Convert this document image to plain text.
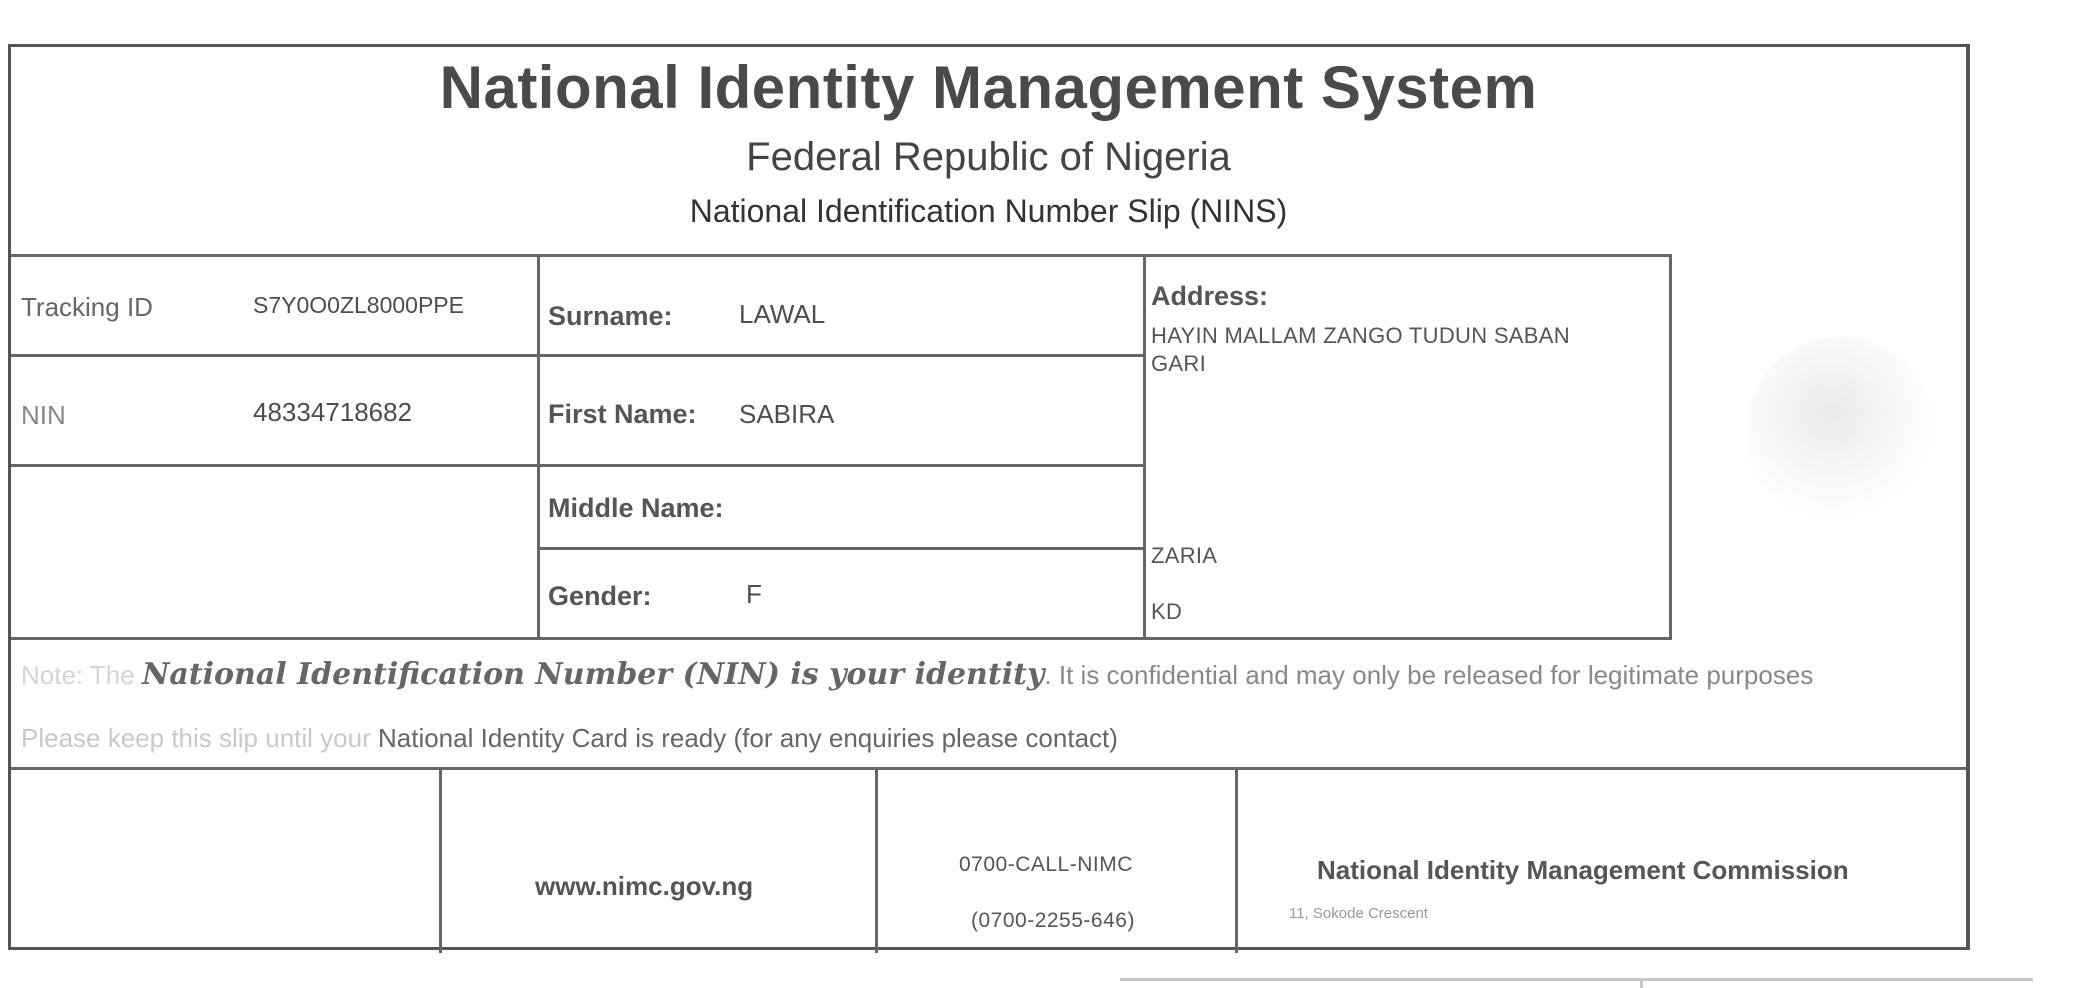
National Identity Management System
Federal Republic of Nigeria
National Identification Number Slip (NINS)
Tracking ID	S7Y0O0ZL8000PPE
NIN	48334718682
Surname:	LAWAL
First Name: SABIRA
Middle Name:
Gender:	F
Address:
HAYIN MALLAM ZANGO TUDUN SABAN
GARI
ZARIA
KD
Note: The National Identification Number (NIN) is your identity. It is confidential and may only be released for legitimate purposes
Please keep this slip until your National Identity Card is ready (for any enquiries please contact)
www.nimc.gov.ng
0700-CALL-NIMC
(0700-2255-646)
National Identity Management Commission
11, Sokode Crescent
